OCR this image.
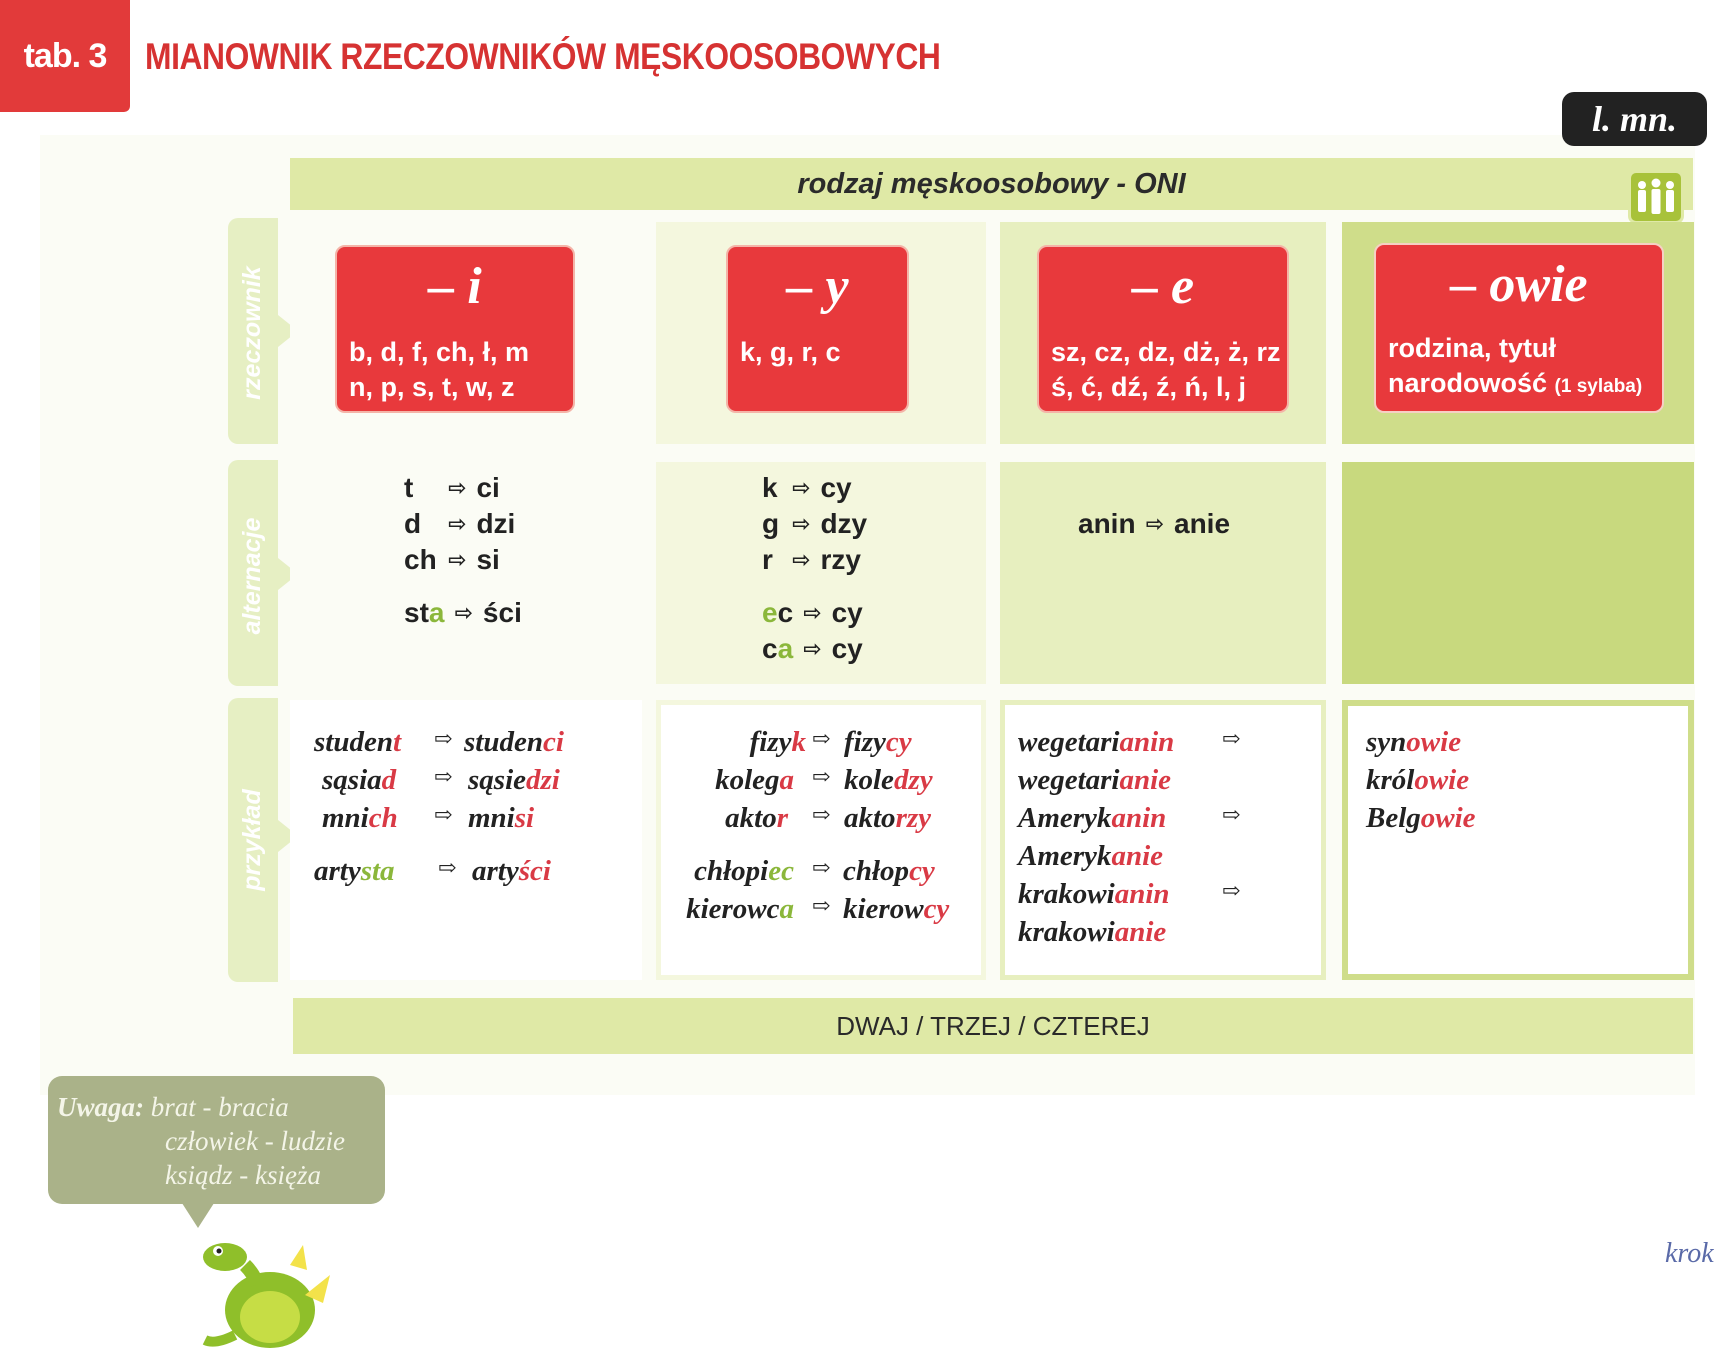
tab. 3	MIANOWNIK RZECZOWNIKÓW MĘSKOOSOBOWYCH
l. mn.
rodzaj męskoosobowy - ONI
rzeczownik
alternacje
przykład
– i
b, d, f, ch, ł, m
n, p, s, t, w, z
– y
k, g, r, c
– e
sz, cz, dz, dż, ż, rz
ś, ć, dź, ź, ń, l, j
– owie
rodzina, tytuł
narodowość (1 sylaba)
t ⇨ ci
d ⇨ dzi
ch ⇨ si
sta ⇨ ści
k ⇨ cy
g ⇨ dzy
r ⇨ rzy
ec ⇨ cy
ca ⇨ cy
anin ⇨ anie
student ⇨ studenci
sąsiad ⇨ sąsiedzi
mnich ⇨ mnisi
artysta ⇨ artyści
fizyk ⇨ fizycy
kolega ⇨ koledzy
aktor ⇨ aktorzy
chłopiec ⇨ chłopcy
kierowca ⇨ kierowcy
wegetarianin ⇨
wegetarianie
Amerykanin	⇨
Amerykanie
krakowianin ⇨
krakowianie
synowie
królowie
Belgowie
DWAJ / TRZEJ / CZTEREJ
Uwaga: brat - bracia
człowiek - ludzie
ksiądz - księża
krok
